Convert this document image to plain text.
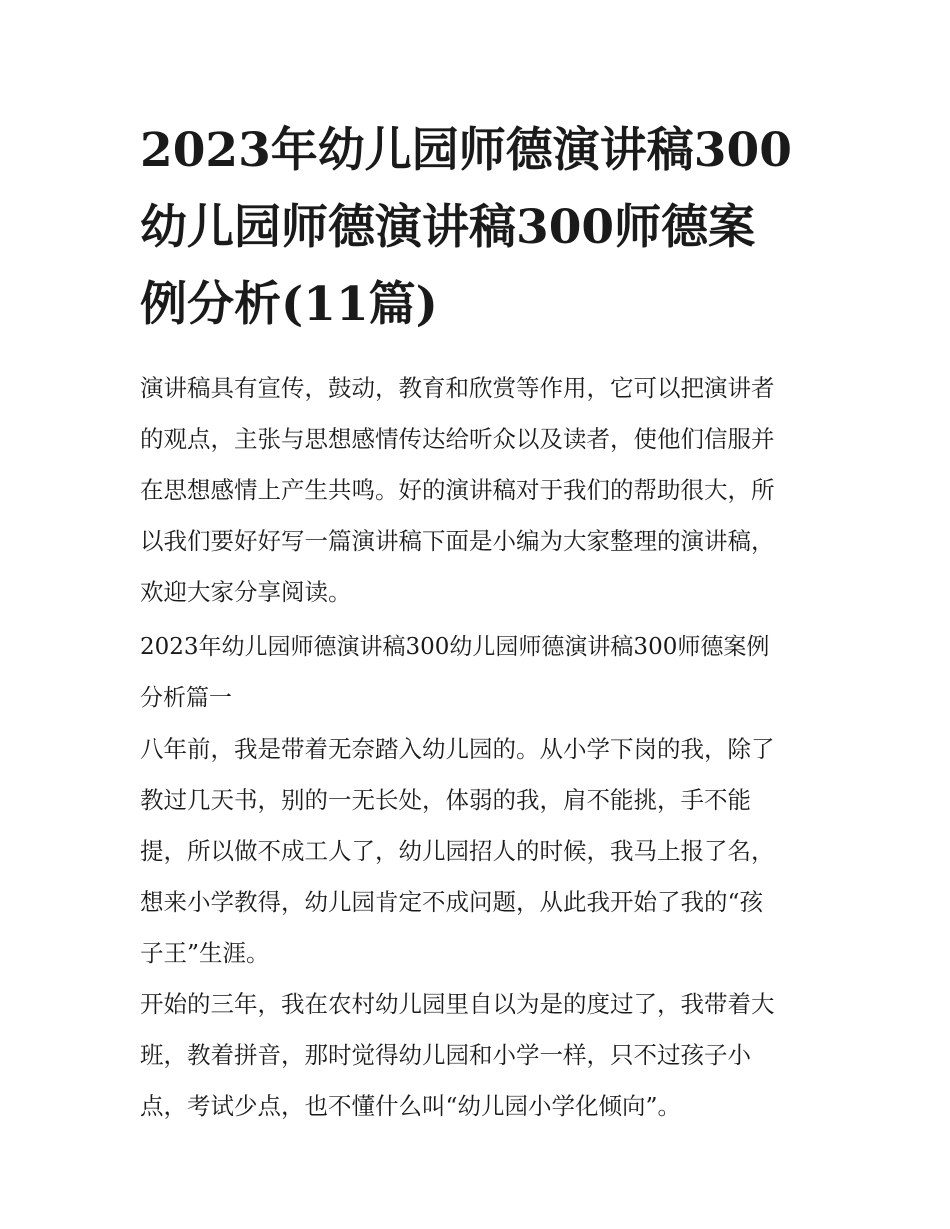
2023年幼儿园师德演讲稿300
幼儿园师德演讲稿300师德案
例分析(11篇)
演讲稿具有宣传，鼓动，教育和欣赏等作用，它可以把演讲者
的观点，主张与思想感情传达给听众以及读者，使他们信服并
在思想感情上产生共鸣。好的演讲稿对于我们的帮助很大，所
以我们要好好写一篇演讲稿下面是小编为大家整理的演讲稿，
欢迎大家分享阅读。
2023年幼儿园师德演讲稿300幼儿园师德演讲稿300师德案例
分析篇一
八年前，我是带着无奈踏入幼儿园的。从小学下岗的我，除了
教过几天书，别的一无长处，体弱的我，肩不能挑，手不能
提，所以做不成工人了，幼儿园招人的时候，我马上报了名，
想来小学教得，幼儿园肯定不成问题，从此我开始了我的“孩
子王”生涯。
开始的三年，我在农村幼儿园里自以为是的度过了，我带着大
班，教着拼音，那时觉得幼儿园和小学一样，只不过孩子小
点，考试少点，也不懂什么叫“幼儿园小学化倾向”。
